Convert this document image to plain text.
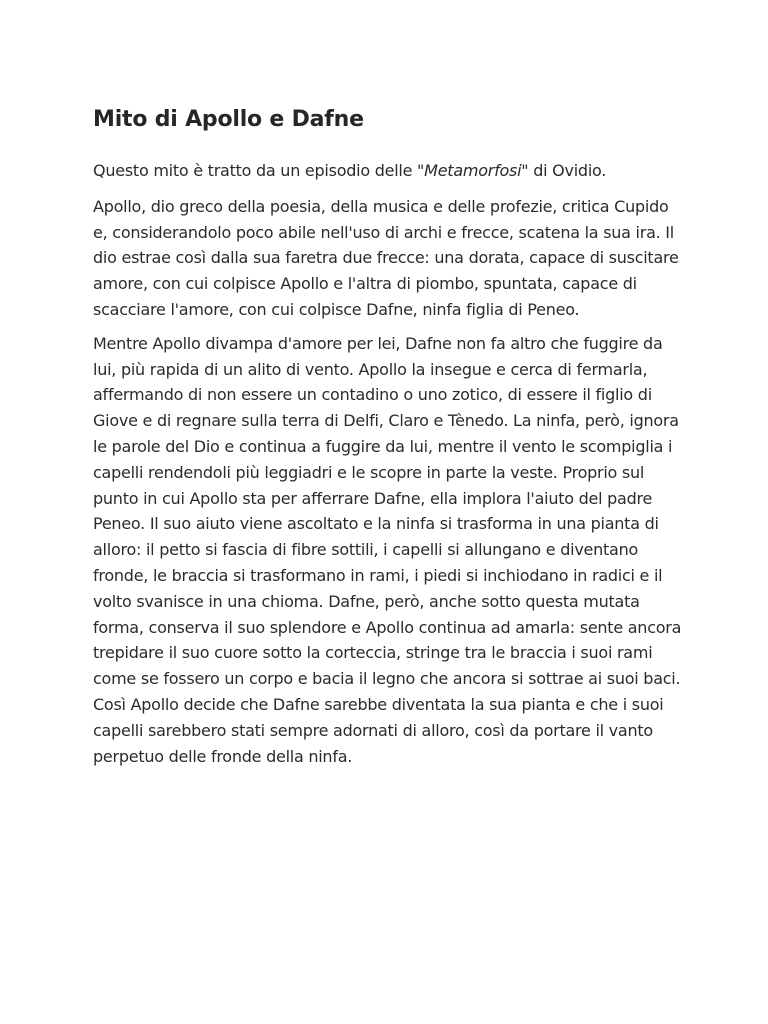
Mito di Apollo e Dafne

Questo mito è tratto da un episodio delle "Metamorfosi" di Ovidio.

Apollo, dio greco della poesia, della musica e delle profezie, critica Cupido e, considerandolo poco abile nell'uso di archi e frecce, scatena la sua ira. Il dio estrae così dalla sua faretra due frecce: una dorata, capace di suscitare amore, con cui colpisce Apollo e l'altra di piombo, spuntata, capace di scacciare l'amore, con cui colpisce Dafne, ninfa figlia di Peneo.

Mentre Apollo divampa d'amore per lei, Dafne non fa altro che fuggire da lui, più rapida di un alito di vento. Apollo la insegue e cerca di fermarla, affermando di non essere un contadino o uno zotico, di essere il figlio di Giove e di regnare sulla terra di Delfi, Claro e Tènedo. La ninfa, però, ignora le parole del Dio e continua a fuggire da lui, mentre il vento le scompiglia i capelli rendendoli più leggiadri e le scopre in parte la veste. Proprio sul punto in cui Apollo sta per afferrare Dafne, ella implora l'aiuto del padre Peneo. Il suo aiuto viene ascoltato e la ninfa si trasforma in una pianta di alloro: il petto si fascia di fibre sottili, i capelli si allungano e diventano fronde, le braccia si trasformano in rami, i piedi si inchiodano in radici e il volto svanisce in una chioma. Dafne, però, anche sotto questa mutata forma, conserva il suo splendore e Apollo continua ad amarla: sente ancora trepidare il suo cuore sotto la corteccia, stringe tra le braccia i suoi rami come se fossero un corpo e bacia il legno che ancora si sottrae ai suoi baci. Così Apollo decide che Dafne sarebbe diventata la sua pianta e che i suoi capelli sarebbero stati sempre adornati di alloro, così da portare il vanto perpetuo delle fronde della ninfa.
